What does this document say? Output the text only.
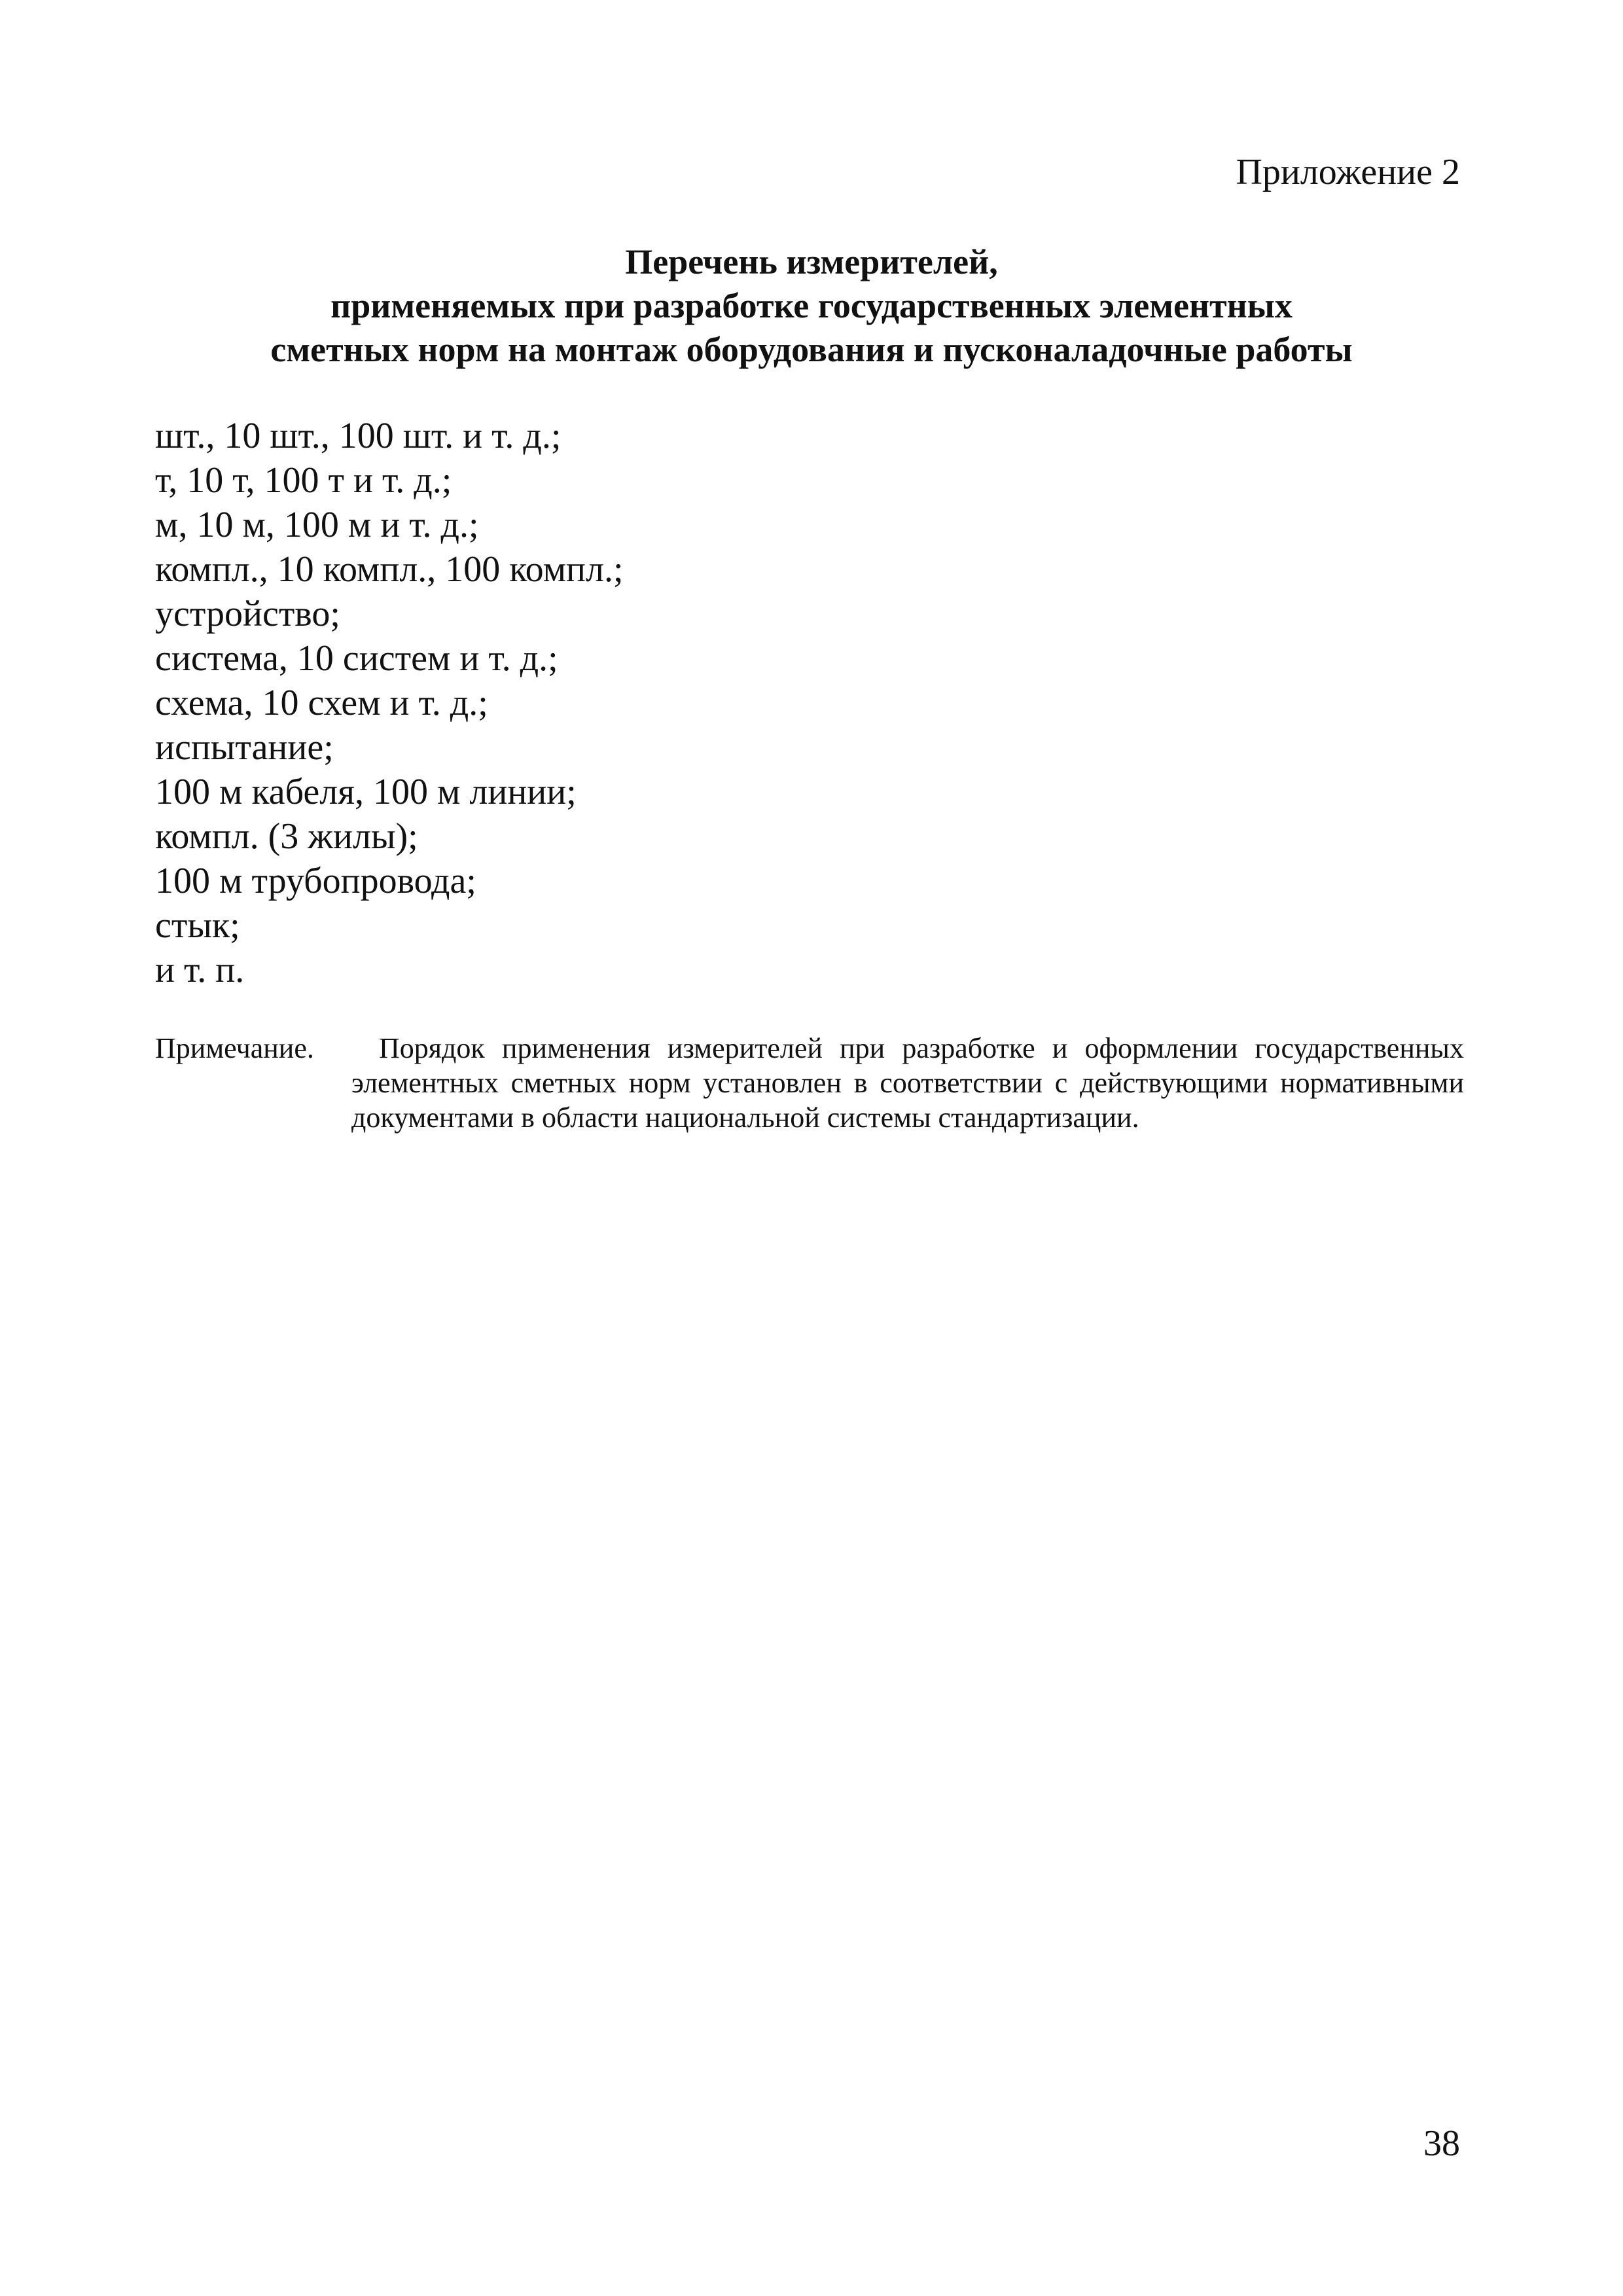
Приложение 2
Перечень измерителей,
применяемых при разработке государственных элементных
сметных норм на монтаж оборудования и пусконаладочные работы
шт., 10 шт., 100 шт. и т. д.;
т, 10 т, 100 т и т. д.;
м, 10 м, 100 м и т. д.;
компл., 10 компл., 100 компл.;
устройство;
система, 10 систем и т. д.;
схема, 10 схем и т. д.;
испытание;
100 м кабеля, 100 м линии;
компл. (3 жилы);
100 м трубопровода;
стык;
и т. п.
Примечание.	Порядок применения измерителей при разработке и оформлении государственных элементных сметных норм установлен в соответствии с действующими нормативными документами в области национальной системы стандартизации.
38
